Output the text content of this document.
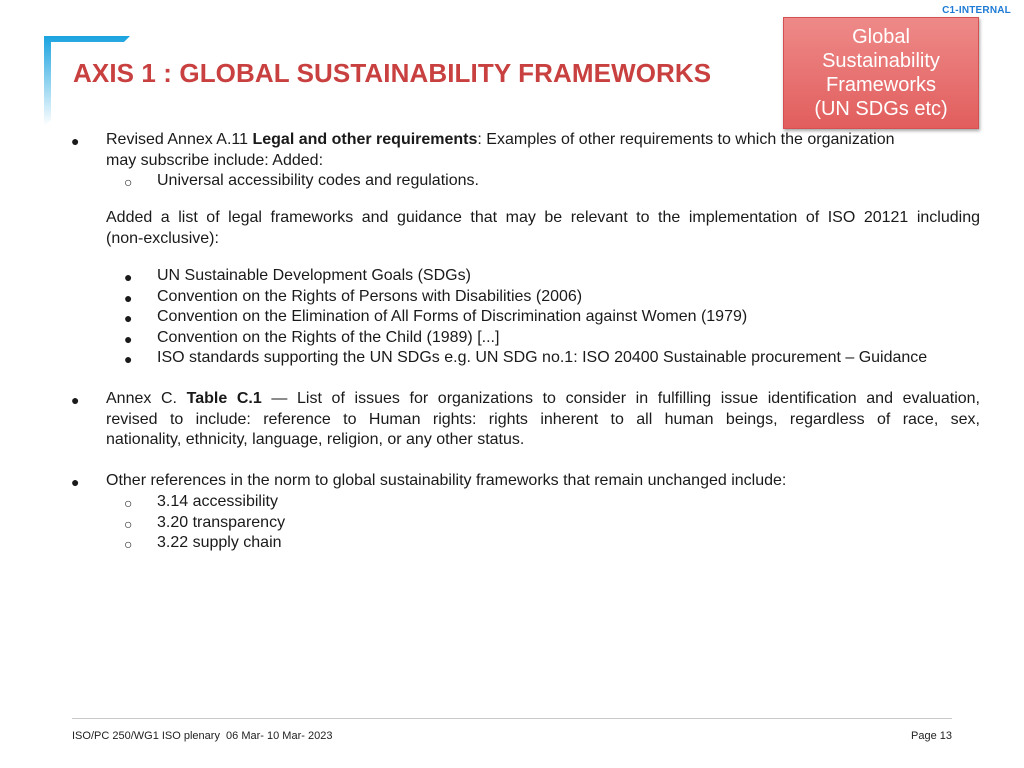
C1-INTERNAL
AXIS 1 : GLOBAL SUSTAINABILITY FRAMEWORKS
Global
Sustainability
Frameworks
(UN SDGs etc)
● Revised Annex A.11 Legal and other requirements: Examples of other requirements to which the organization
may subscribe include: Added:
○ Universal accessibility codes and regulations.
Added a list of legal frameworks and guidance that may be relevant to the implementation of ISO 20121 including
(non-exclusive):
● UN Sustainable Development Goals (SDGs)
● Convention on the Rights of Persons with Disabilities (2006)
● Convention on the Elimination of All Forms of Discrimination against Women (1979)
● Convention on the Rights of the Child (1989) [...]
● ISO standards supporting the UN SDGs e.g. UN SDG no.1: ISO 20400 Sustainable procurement – Guidance
● Annex C. Table C.1 — List of issues for organizations to consider in fulfilling issue identification and evaluation,
revised to include: reference to Human rights: rights inherent to all human beings, regardless of race, sex,
nationality, ethnicity, language, religion, or any other status.
● Other references in the norm to global sustainability frameworks that remain unchanged include:
○ 3.14 accessibility
○ 3.20 transparency
○ 3.22 supply chain
ISO/PC 250/WG1 ISO plenary  06 Mar- 10 Mar- 2023	Page 13
